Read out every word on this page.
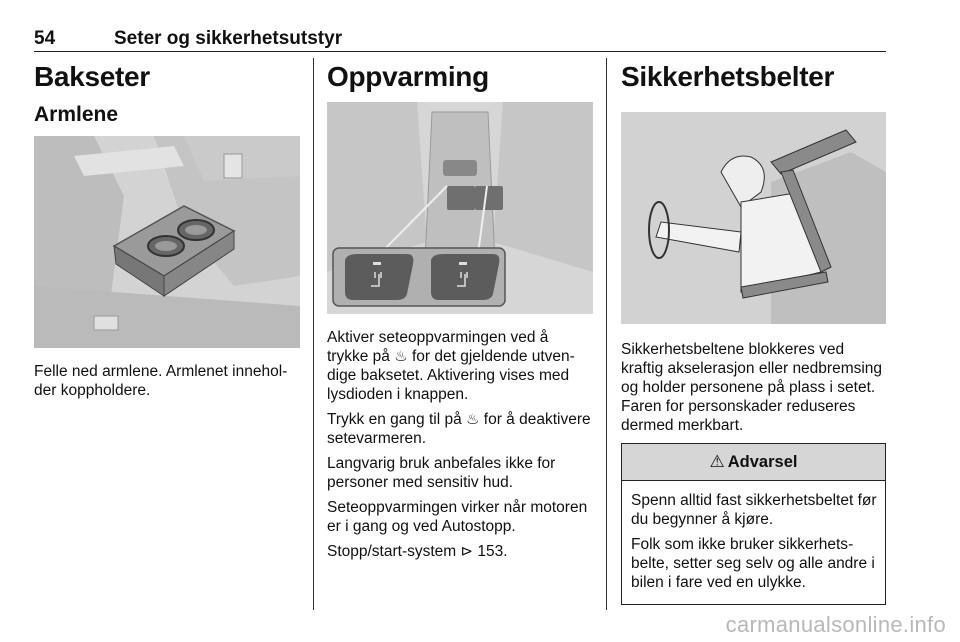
54	Seter og sikkerhetsutstyr
Bakseter
Armlene

Felle ned armlene. Armlenet inneholder koppholdere.

Oppvarming

Aktiver seteoppvarmingen ved å trykke på ♨ for det gjeldende utvendige baksetet. Aktivering vises med lysdioden i knappen.

Trykk en gang til på ♨ for å deaktivere setevarmeren.

Langvarig bruk anbefales ikke for personer med sensitiv hud.

Seteoppvarmingen virker når motoren er i gang og ved Autostopp.

Stopp/start-system ⊳ 153.

Sikkerhetsbelter

Sikkerhetsbeltene blokkeres ved kraftig akselerasjon eller nedbremsing og holder personene på plass i setet. Faren for personskader reduseres dermed merkbart.

⚠ Advarsel

Spenn alltid fast sikkerhetsbeltet før du begynner å kjøre.

Folk som ikke bruker sikkerhetsbelte, setter seg selv og alle andre i bilen i fare ved en ulykke.

carmanualsonline.info
